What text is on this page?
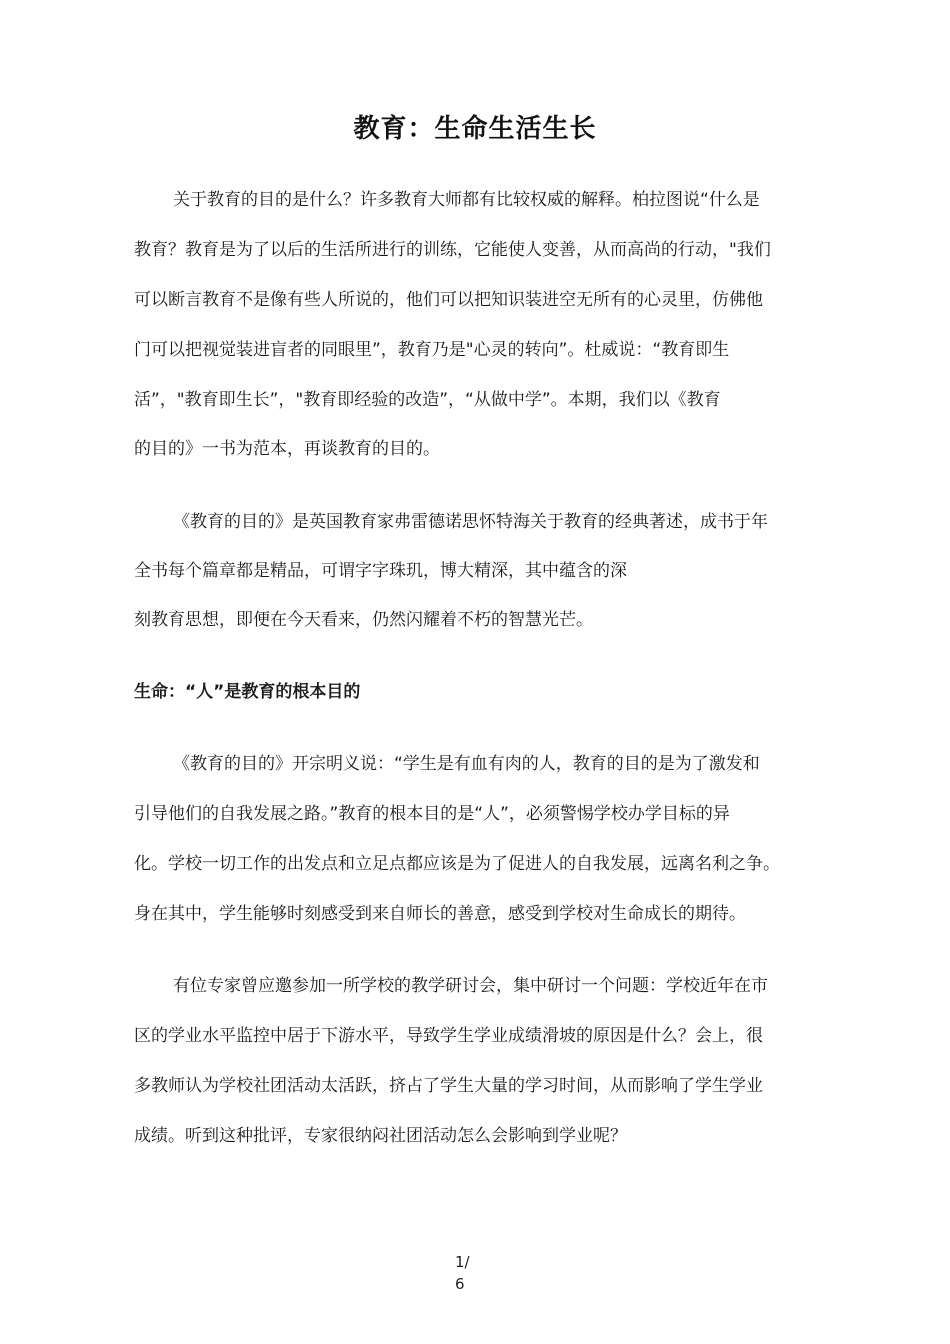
教育：生命生活生长
关于教育的目的是什么？许多教育大师都有比较权威的解释。柏拉图说“什么是
教育？教育是为了以后的生活所进行的训练，它能使人变善，从而高尚的行动，"我们
可以断言教育不是像有些人所说的，他们可以把知识装进空无所有的心灵里，仿佛他
门可以把视觉装进盲者的同眼里”，教育乃是"心灵的转向”。杜威说：“教育即生
活”，"教育即生长”，"教育即经验的改造”，“从做中学”。本期，我们以《教育
的目的》一书为范本，再谈教育的目的。
《教育的目的》是英国教育家弗雷德诺思怀特海关于教育的经典著述，成书于年
全书每个篇章都是精品，可谓字字珠玑，博大精深，其中蕴含的深
刻教育思想，即便在今天看来，仍然闪耀着不朽的智慧光芒。
生命：“人”是教育的根本目的
《教育的目的》开宗明义说：“学生是有血有肉的人，教育的目的是为了激发和
引导他们的自我发展之路。”教育的根本目的是“人”，必须警惕学校办学目标的异
化。学校一切工作的出发点和立足点都应该是为了促进人的自我发展，远离名利之争。
身在其中，学生能够时刻感受到来自师长的善意，感受到学校对生命成长的期待。
有位专家曾应邀参加一所学校的教学研讨会，集中研讨一个问题：学校近年在市
区的学业水平监控中居于下游水平，导致学生学业成绩滑坡的原因是什么？会上，很
多教师认为学校社团活动太活跃，挤占了学生大量的学习时间，从而影响了学生学业
成绩。听到这种批评，专家很纳闷社团活动怎么会影响到学业呢？
1/
6
